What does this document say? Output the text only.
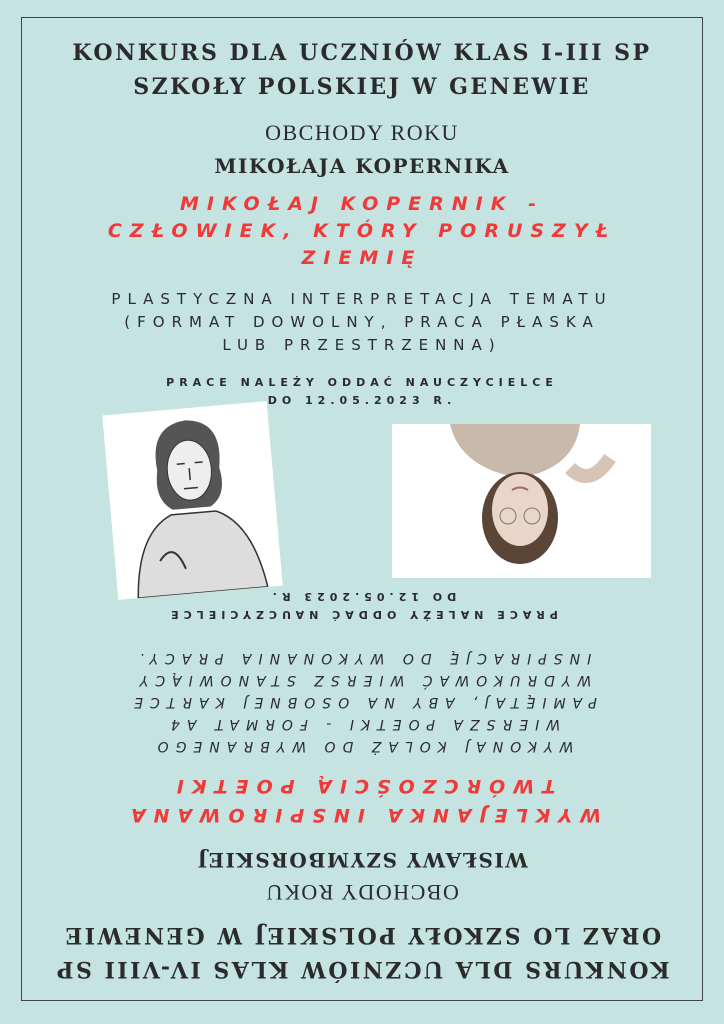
KONKURS DLA UCZNIÓW KLAS I-III SP
SZKOŁY POLSKIEJ W GENEWIE
OBCHODY ROKU
MIKOŁAJA KOPERNIKA
MIKOŁAJ KOPERNIK -
CZŁOWIEK, KTÓRY PORUSZYŁ
ZIEMIĘ
PLASTYCZNA INTERPRETACJA TEMATU
(FORMAT DOWOLNY, PRACA PŁASKA
LUB PRZESTRZENNA)
PRACE NALEŻY ODDAĆ NAUCZYCIELCE
DO 12.05.2023 R.
KONKURS DLA UCZNIÓW KLAS IV-VIII SP
ORAZ LO SZKOŁY POLSKIEJ W GENEWIE
OBCHODY ROKU
WISŁAWY SZYMBORSKIEJ
WYKLEJANKA INSPIROWANA
TWÓRCZOŚCIĄ POETKI
WYKONAJ KOLAŻ DO WYBRANEGO
WIERSZA POETKI - FORMAT A4
PAMIĘTAJ, ABY NA OSOBNEJ KARTCE
WYDRUKOWAĆ WIERSZ STANOWIĄCY
INSPIRACJĘ DO WYKONANIA PRACY.
PRACE NALEŻY ODDAĆ NAUCZYCIELCE
DO 12.05.2023 R.
